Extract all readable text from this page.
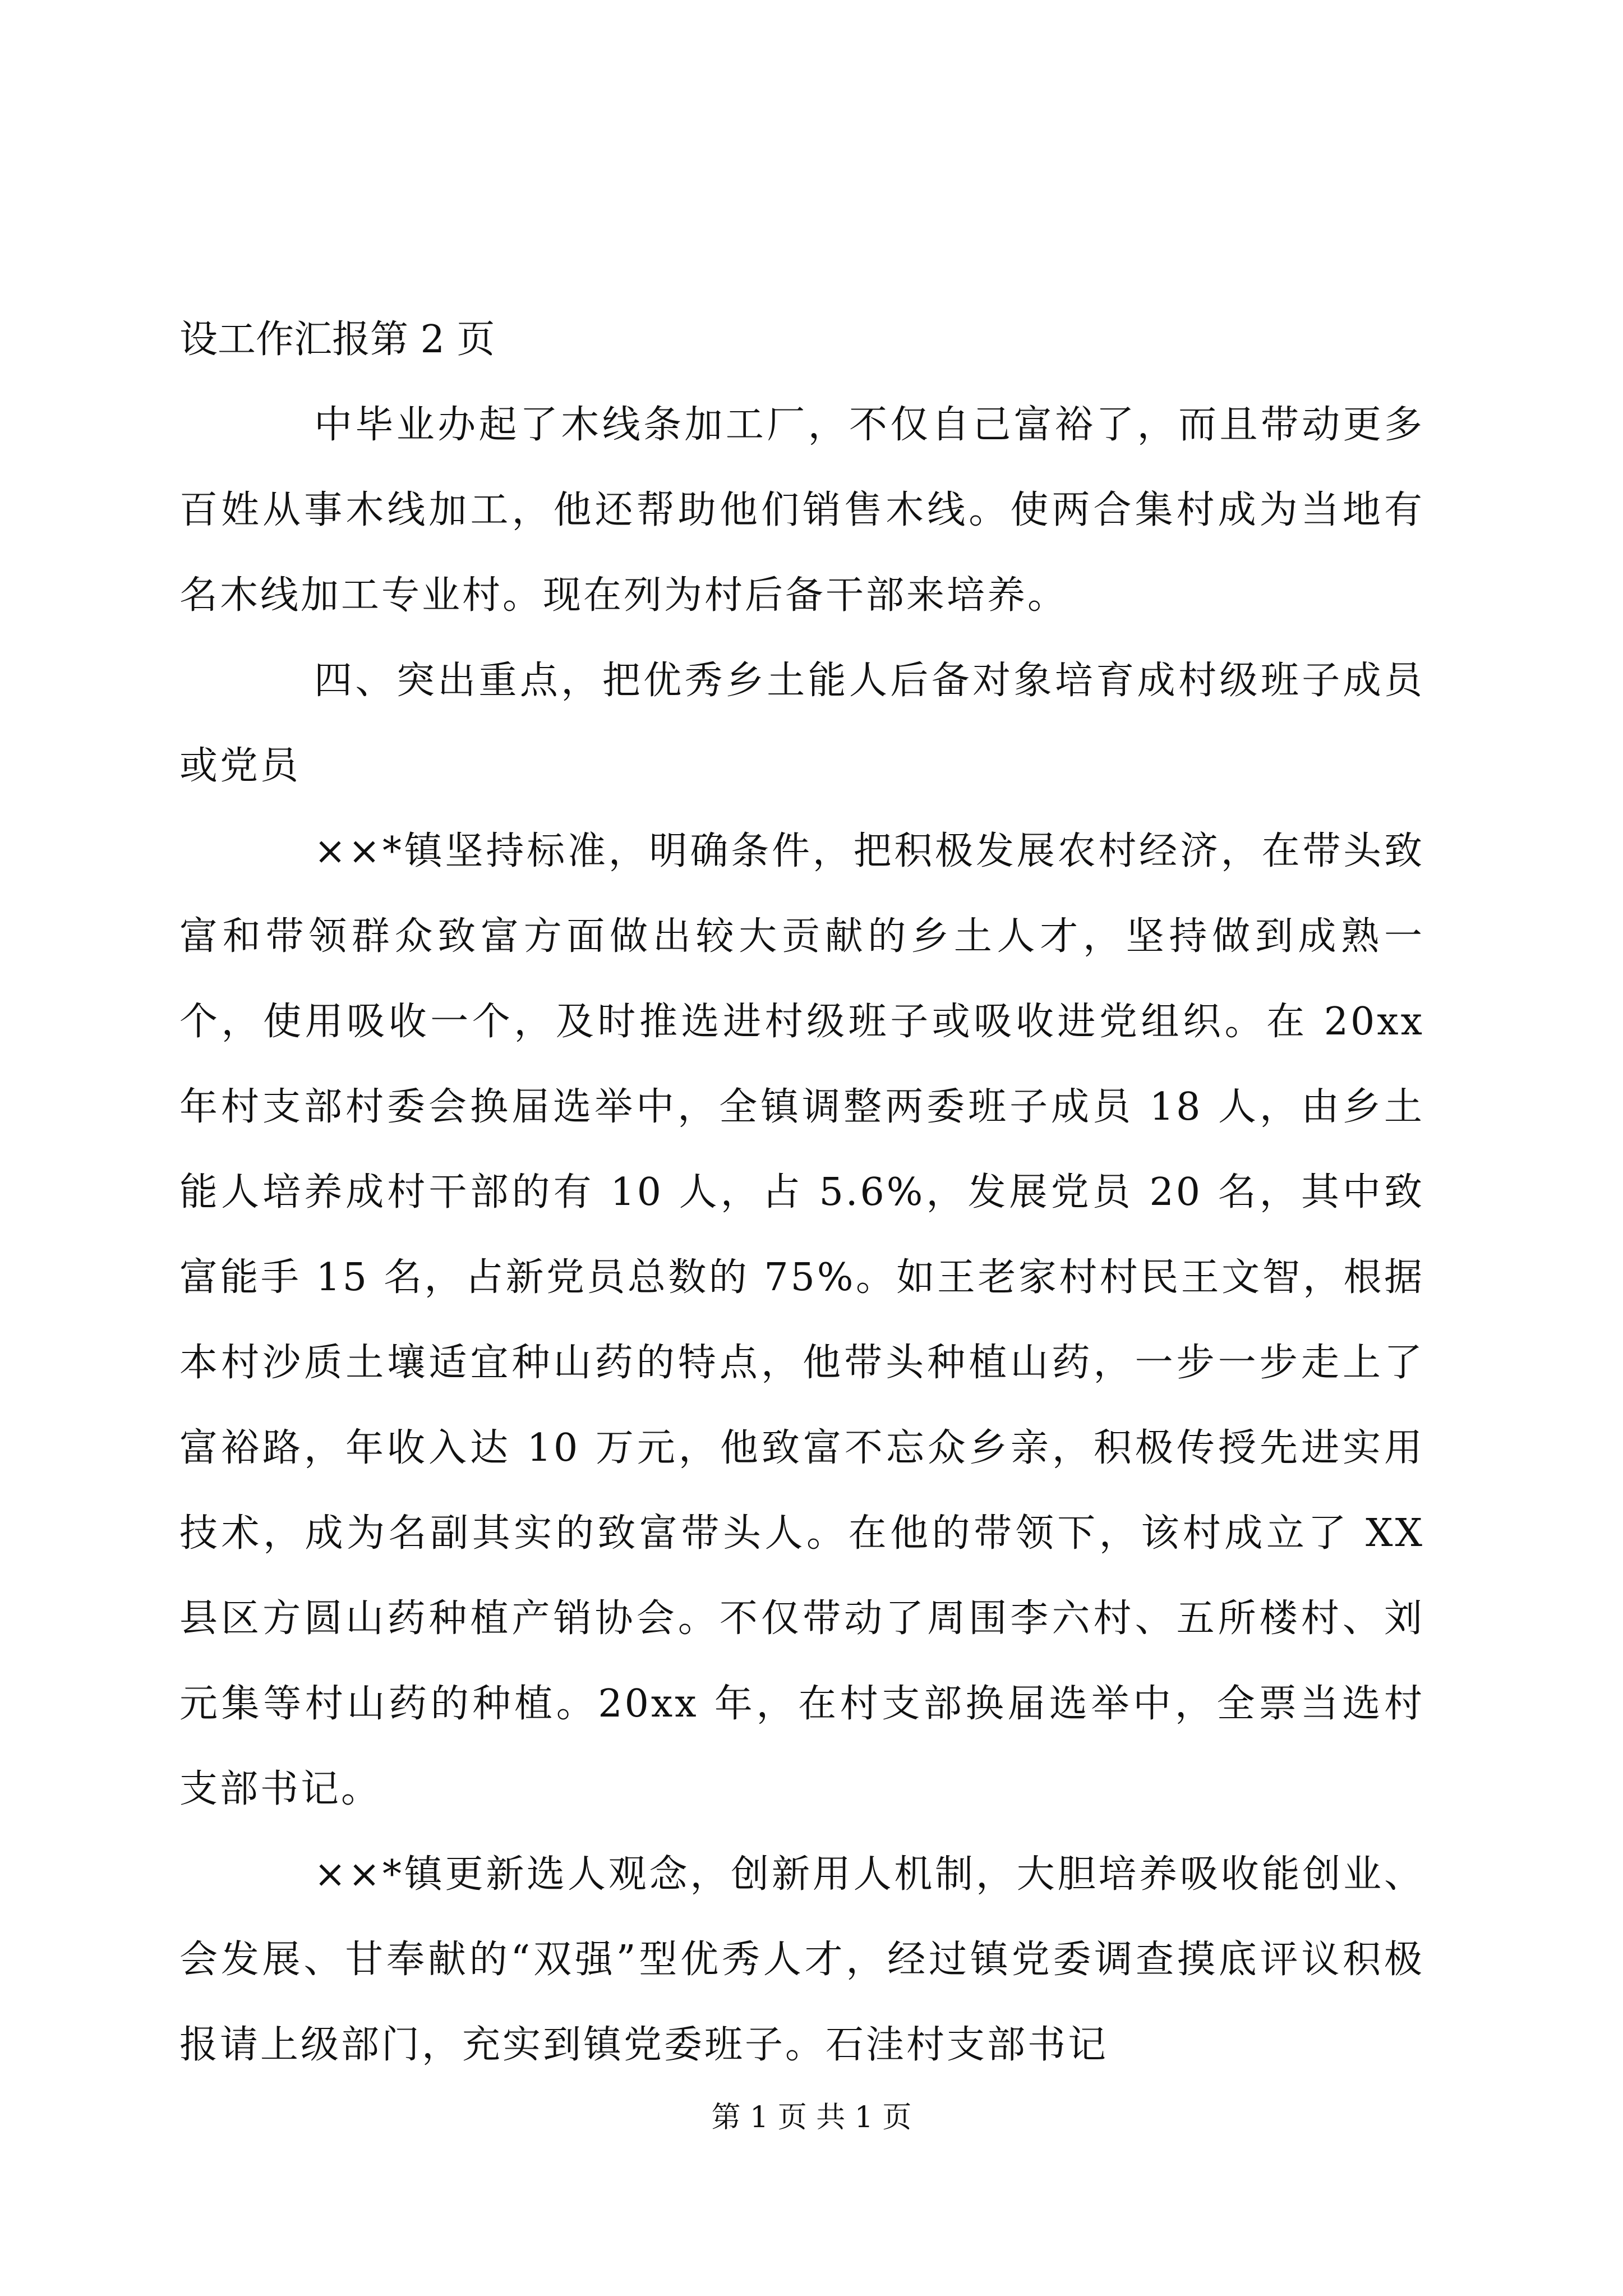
设工作汇报第 2 页

中毕业办起了木线条加工厂，不仅自己富裕了，而且带动更多百姓从事木线加工，他还帮助他们销售木线。使两合集村成为当地有名木线加工专业村。现在列为村后备干部来培养。

四、突出重点，把优秀乡土能人后备对象培育成村级班子成员或党员

××*镇坚持标准，明确条件，把积极发展农村经济，在带头致富和带领群众致富方面做出较大贡献的乡土人才，坚持做到成熟一个，使用吸收一个，及时推选进村级班子或吸收进党组织。在 20xx 年村支部村委会换届选举中，全镇调整两委班子成员 18 人，由乡土能人培养成村干部的有 10 人，占 5.6%，发展党员 20 名，其中致富能手 15 名，占新党员总数的 75%。如王老家村村民王文智，根据本村沙质土壤适宜种山药的特点，他带头种植山药，一步一步走上了富裕路，年收入达 10 万元，他致富不忘众乡亲，积极传授先进实用技术，成为名副其实的致富带头人。在他的带领下，该村成立了 XX 县区方圆山药种植产销协会。不仅带动了周围李六村、五所楼村、刘元集等村山药的种植。20xx 年，在村支部换届选举中，全票当选村支部书记。

××*镇更新选人观念，创新用人机制，大胆培养吸收能创业、会发展、甘奉献的“双强”型优秀人才，经过镇党委调查摸底评议积极报请上级部门，充实到镇党委班子。石洼村支部书记

第 1 页 共 1 页
